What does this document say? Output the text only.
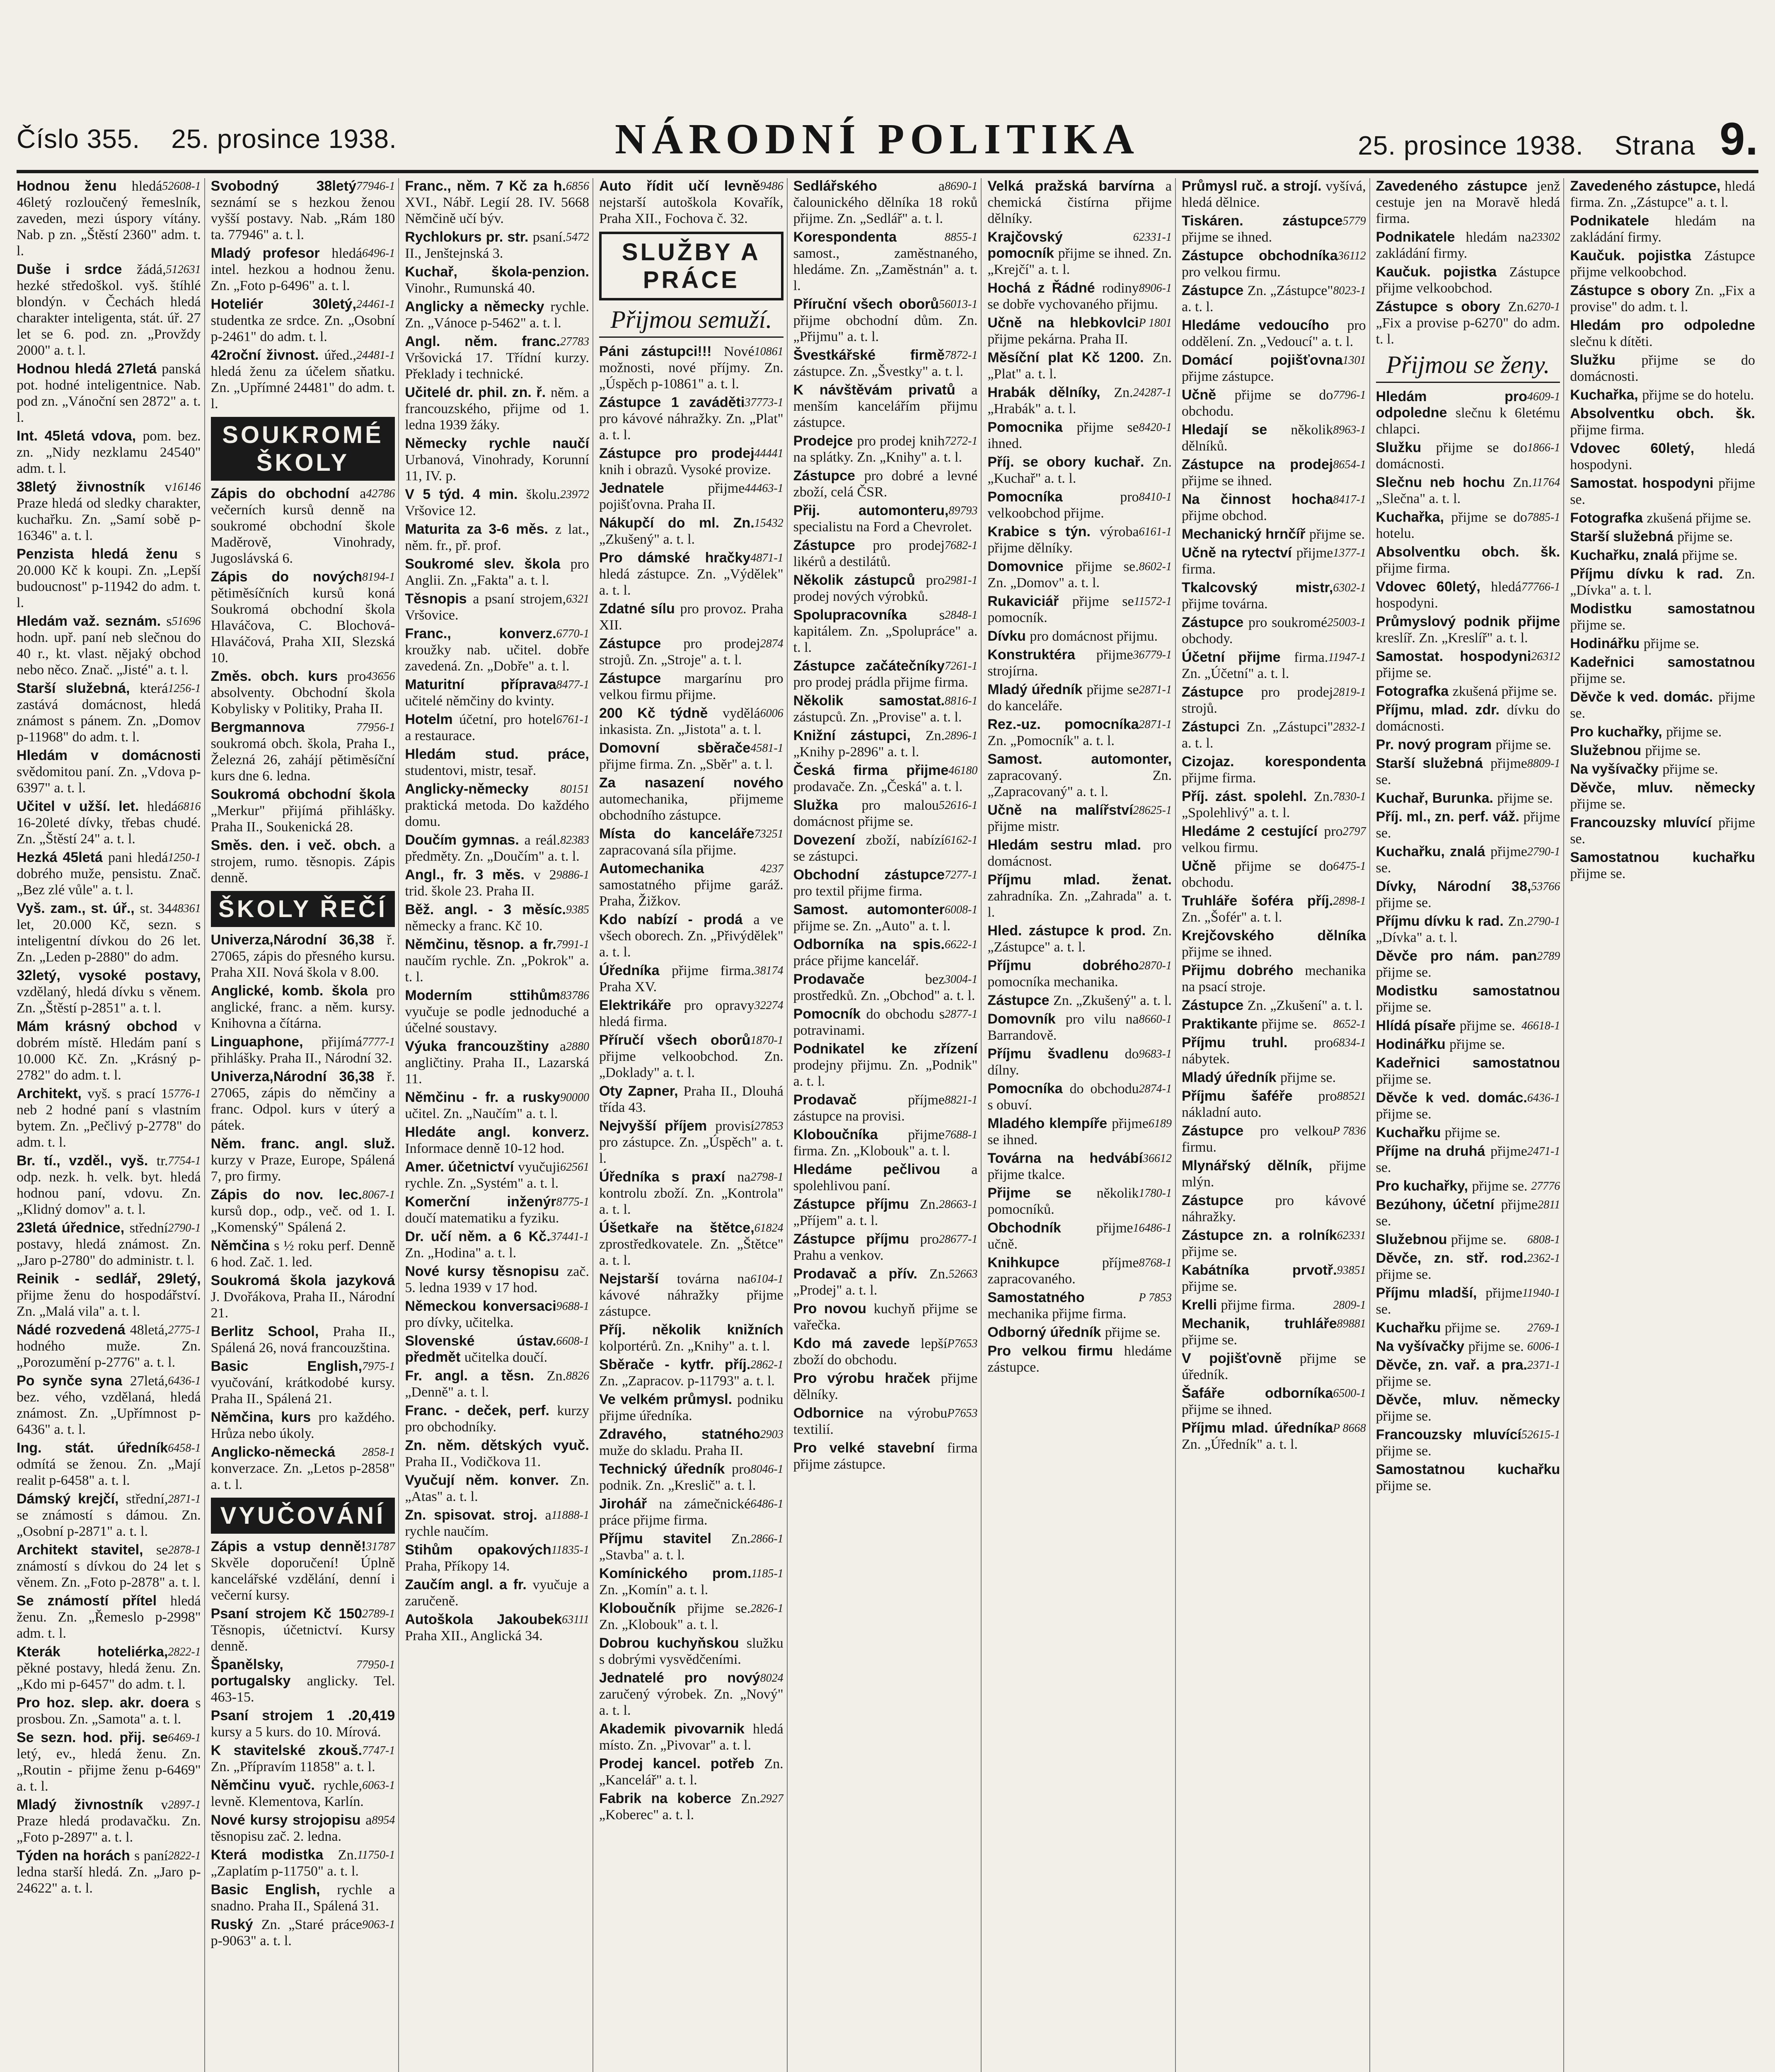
Číslo 355. 25. prosince 1938.	NÁRODNÍ POLITIKA	25. prosince 1938. Strana 9.

52608-1
Hodnou ženu hledá 46letý rozloučený řemeslník, zaveden, mezi úspory vítány. Nab. p zn. „Štěstí 2360" adm. t. l.

512631
Duše i srdce žádá, hezké středoškol. vyš. štíhlé blondýn. v Čechách hledá charakter inteligenta, stát. úř. 27 let se 6. pod. zn. „Provždy 2000" a. t. l.

Hodnou hledá 27letá panská pot. hodné inteligentnice. Nab. pod zn. „Vánoční sen 2872" a. t. l.

Int. 45letá vdova, pom. bez. zn. „Nidy nezklamu 24540" adm. t. l.

16146
38letý živnostník v Praze hledá od sledky charakter, kuchařku. Zn. „Samí sobě p-16346" a. t. l.

Penzista hledá ženu s 20.000 Kč k koupi. Zn. „Lepší budoucnost" p-11942 do adm. t. l.

51696
Hledám važ. seznám. s hodn. upř. paní neb slečnou do 40 r., kt. vlast. nějaký obchod nebo něco. Znač. „Jisté" a. t. l.

1256-1
Starší služebná, která zastává domácnost, hledá známost s pánem. Zn. „Domov p-11968" do adm. t. l.

Hledám v domácnosti svědomitou paní. Zn. „Vdova p-6397" a. t. l.

6816
Učitel v užší. let. hledá 16-20leté dívky, třebas chudé. Zn. „Štěstí 24" a. t. l.

1250-1
Hezká 45letá pani hledá dobrého muže, pensistu. Znač. „Bez zlé vůle" a. t. l.

48361
Vyš. zam., st. úř., st. 34 let, 20.000 Kč, sezn. s inteligentní dívkou do 26 let. Zn. „Leden p-2880" do adm.

32letý, vysoké postavy, vzdělaný, hledá dívku s věnem. Zn. „Štěstí p-2851" a. t. l.

Mám krásný obchod v dobrém místě. Hledám paní s 10.000 Kč. Zn. „Krásný p-2782" do adm. t. l.

5776-1
Architekt, vyš. s prací 1 neb 2 hodné paní s vlastním bytem. Zn. „Pečlivý p-2778" do adm. t. l.

7754-1
Br. tí., vzděl., vyš. tr. odp. nezk. h. velk. byt. hledá hodnou paní, vdovu. Zn. „Klidný domov" a. t. l.

2790-1
23letá úřednice, střední postavy, hledá známost. Zn. „Jaro p-2780" do administr. t. l.

Reinik - sedlář, 29letý, přijme ženu do hospodářství. Zn. „Malá vila" a. t. l.

2775-1
Nádé rozvedená 48letá, hodného muže. Zn. „Porozumění p-2776" a. t. l.

6436-1
Po synče syna 27letá, bez. vého, vzdělaná, hledá známost. Zn. „Upřímnost p-6436" a. t. l.

6458-1
Ing. stát. úředník odmítá se ženou. Zn. „Mají realit p-6458" a. t. l.

2871-1
Dámský krejčí, střední, se známostí s dámou. Zn. „Osobní p-2871" a. t. l.

2878-1
Architekt stavitel, se známostí s dívkou do 24 let s věnem. Zn. „Foto p-2878" a. t. l.

Se známostí přítel hledá ženu. Zn. „Řemeslo p-2998" adm. t. l.

2822-1
Kterák hoteliérka, pěkné postavy, hledá ženu. Zn. „Kdo mi p-6457" do adm. t. l.

Pro hoz. slep. akr. doera s prosbou. Zn. „Samota" a. t. l.

6469-1
Se sezn. hod. přij. se letý, ev., hledá ženu. Zn. „Routin - přijme ženu p-6469" a. t. l.

2897-1
Mladý živnostník v Praze hledá prodavačku. Zn. „Foto p-2897" a. t. l.

2822-1
Týden na horách s paní ledna starší hledá. Zn. „Jaro p-24622" a. t. l.

77946-1
Svobodný 38letý seznámí se s hezkou ženou vyšší postavy. Nab. „Rám 180 ta. 77946" a. t. l.

6496-1
Mladý profesor hledá intel. hezkou a hodnou ženu. Zn. „Foto p-6496" a. t. l.

24461-1
Hoteliér 30letý, studentka ze srdce. Zn. „Osobní p-2461" do adm. t. l.

24481-1
42roční živnost. úřed., hledá ženu za účelem sňatku. Zn. „Upřímné 24481" do adm. t. l.

SOUKROMÉ ŠKOLY

42786
Zápis do obchodní a večerních kursů denně na soukromé obchodní škole Maděrově, Vinohrady, Jugoslávská 6.

8194-1
Zápis do nových pětiměsíčních kursů koná Soukromá obchodní škola Hlaváčova, C. Blochová-Hlaváčová, Praha XII, Slezská 10.

43656
Změs. obch. kurs pro absolventy. Obchodní škola Kobylisky v Politiky, Praha II.

77956-1
Bergmannova soukromá obch. škola, Praha I., Železná 26, zahájí pětiměsíční kurs dne 6. ledna.

Soukromá obchodní škola „Merkur" přijímá přihlášky. Praha II., Soukenická 28.

Směs. den. i več. obch. a strojem, rumo. těsnopis. Zápis denně.

ŠKOLY ŘEČÍ

Univerza,Národní 36,38 ř. 27065, zápis do přesného kursu. Praha XII. Nová škola v 8.00.

Anglické, komb. škola pro anglické, franc. a něm. kursy. Knihovna a čítárna.

7777-1
Linguaphone, přijímá přihlášky. Praha II., Národní 32.

Univerza,Národní 36,38 ř. 27065, zápis do němčiny a franc. Odpol. kurs v úterý a pátek.

Něm. franc. angl. služ. kurzy v Praze, Europe, Spálená 7, pro firmy.

8067-1
Zápis do nov. lec. kursů dop., odp., več. od 1. I. „Komenský" Spálená 2.

Němčina s ½ roku perf. Denně 6 hod. Zač. 1. led.

Soukromá škola jazyková J. Dvořákova, Praha II., Národní 21.

Berlitz School, Praha II., Spálená 26, nová francouzština.

7975-1
Basic English, vyučování, krátkodobé kursy. Praha II., Spálená 21.

Němčina, kurs pro každého. Hrůza nebo úkoly.

2858-1
Anglicko-německá konverzace. Zn. „Letos p-2858" a. t. l.

VYUČOVÁNÍ

31787
Zápis a vstup denně! Skvěle doporučení! Úplně kancelářské vzdělání, denní i večerní kursy.

2789-1
Psaní strojem Kč 150 Těsnopis, účetnictví. Kursy denně.

77950-1
Španělsky, portugalsky anglicky. Tel. 463-15.

Psaní strojem 1 .20,419 kursy a 5 kurs. do 10. Mírová.

7747-1
K stavitelské zkouš. Zn. „Přípravím 11858" a. t. l.

6063-1
Němčinu vyuč. rychle, levně. Klementova, Karlín.

8954
Nové kursy strojopisu a těsnopisu zač. 2. ledna.

11750-1
Která modistka Zn. „Zaplatím p-11750" a. t. l.

Basic English, rychle a snadno. Praha II., Spálená 31.

9063-1
Ruský Zn. „Staré práce p-9063" a. t. l.

6856
Franc., něm. 7 Kč za h. XVI., Nábř. Legií 28. IV. 5668 Němčině učí býv.

5472
Rychlokurs pr. str. psaní. II., Jenštejnská 3.

Kuchař, škola-penzion. Vinohr., Rumunská 40.

Anglicky a německy rychle. Zn. „Vánoce p-5462" a. t. l.

27783
Angl. něm. franc. Vršovická 17. Třídní kurzy. Překlady i technické.

Učitelé dr. phil. zn. ř. něm. a francouzského, přijme od 1. ledna 1939 žáky.

Německy rychle naučí Urbanová, Vinohrady, Korunní 11, IV. p.

23972
V 5 týd. 4 min. školu. Vršovice 12.

Maturita za 3-6 měs. z lat., něm. fr., př. prof.

Soukromé slev. škola pro Anglii. Zn. „Fakta" a. t. l.

6321
Těsnopis a psaní strojem, Vršovice.

6770-1
Franc., konverz. kroužky nab. učitel. dobře zavedená. Zn. „Dobře" a. t. l.

8477-1
Maturitní příprava učitelé němčiny do kvinty.

6761-1
Hotelm účetní, pro hotel a restaurace.

Hledám stud. práce, studentovi, mistr, tesař.

80151
Anglicky-německy praktická metoda. Do každého domu.

82383
Doučím gymnas. a reál. předměty. Zn. „Doučím" a. t. l.

9886-1
Angl., fr. 3 měs. v 2 trid. škole 23. Praha II.

9385
Běž. angl. - 3 měsíc. německy a franc. Kč 10.

7991-1
Němčinu, těsnop. a fr. naučím rychle. Zn. „Pokrok" a. t. l.

83786
Moderním sttihům vyučuje se podle jednoduché a účelné soustavy.

2880
Výuka francouzštiny a angličtiny. Praha II., Lazarská 11.

90000
Němčinu - fr. a rusky učitel. Zn. „Naučím" a. t. l.

Hledáte angl. konverz. Informace denně 10-12 hod.

62561
Amer. účetnictví vyučuji rychle. Zn. „Systém" a. t. l.

8775-1
Komerční inženýr doučí matematiku a fyziku.

37441-1
Dr. učí něm. a 6 Kč. Zn. „Hodina" a. t. l.

Nové kursy těsnopisu zač. 5. ledna 1939 v 17 hod.

9688-1
Německou konversaci pro dívky, učitelka.

6608-1
Slovenské ústav. předmět učitelka doučí.

8826
Fr. angl. a těsn. Zn. „Denně" a. t. l.

Franc. - deček, perf. kurzy pro obchodníky.

Zn. něm. dětských vyuč. Praha II., Vodičkova 11.

Vyučují něm. konver. Zn. „Atas" a. t. l.

11888-1
Zn. spisovat. stroj. a rychle naučím.

11835-1
Stihům opakových Praha, Příkopy 14.

Zaučím angl. a fr. vyučuje a zaručeně.

63111
Autoškola Jakoubek Praha XII., Anglická 34.

9486
Auto řídit učí levně nejstarší autoškola Kovařík, Praha XII., Fochova č. 32.

SLUŽBY A PRÁCE
Přijmou semuží.

10861
Páni zástupci!!! Nové možnosti, nové příjmy. Zn. „Úspěch p-10861" a. t. l.

37773-1
Zástupce 1 zaváděti pro kávové náhražky. Zn. „Plat" a. t. l.

44441
Zástupce pro prodej knih i obrazů. Vysoké provize.

44463-1
Jednatele přijme pojišťovna. Praha II.

15432
Nákupčí do ml. Zn. „Zkušený" a. t. l.

4871-1
Pro dámské hračky hledá zástupce. Zn. „Výdělek" a. t. l.

Zdatné sílu pro provoz. Praha XII.

2874
Zástupce pro prodej strojů. Zn. „Stroje" a. t. l.

Zástupce margarínu pro velkou firmu přijme.

6006
200 Kč týdně vydělá inkasista. Zn. „Jistota" a. t. l.

4581-1
Domovní sběrače přijme firma. Zn. „Sběr" a. t. l.

Za nasazení nového automechanika, přijmeme obchodního zástupce.

73251
Místa do kanceláře zapracovaná síla přijme.

4237
Automechanika samostatného přijme garáž. Praha, Žižkov.

Kdo nabízí - prodá a ve všech oborech. Zn. „Přivýdělek" a. t. l.

38174
Úředníka přijme firma. Praha XV.

32274
Elektrikáře pro opravy hledá firma.

1870-1
Příručí všech oborů přijme velkoobchod. Zn. „Doklady" a. t. l.

Oty Zapner, Praha II., Dlouhá třída 43.

27853
Nejvyšší příjem provisí pro zástupce. Zn. „Úspěch" a. t. l.

2798-1
Úředníka s praxí na kontrolu zboží. Zn. „Kontrola" a. t. l.

61824
Úšetkaře na štětce, zprostředkovatele. Zn. „Štětce" a. t. l.

6104-1
Nejstarší továrna na kávové náhražky přijme zástupce.

Příj. několik knižních kolportérů. Zn. „Knihy" a. t. l.

2862-1
Sběrače - kytfr. příj. Zn. „Zapracov. p-11793" a. t. l.

Ve velkém průmysl. podniku přijme úředníka.

2903
Zdravého, statného muže do skladu. Praha II.

8046-1
Technický úředník pro podnik. Zn. „Kreslič" a. t. l.

6486-1
Jirohář na zámečnické práce přijme firma.

2866-1
Příjmu stavitel Zn. „Stavba" a. t. l.

1185-1
Komínického prom. Zn. „Komín" a. t. l.

2826-1
Kloboučník přijme se. Zn. „Klobouk" a. t. l.

Dobrou kuchyňskou služku s dobrými vysvědčeními.

8024
Jednatelé pro nový zaručený výrobek. Zn. „Nový" a. t. l.

Akademik pivovarnik hledá místo. Zn. „Pivovar" a. t. l.

Prodej kancel. potřeb Zn. „Kancelář" a. t. l.

2927
Fabrik na koberce Zn. „Koberec" a. t. l.

8690-1
Sedlářského a čalounického dělníka 18 roků přijme. Zn. „Sedlář" a. t. l.

8855-1
Korespondenta samost., zaměstnaného, hledáme. Zn. „Zaměstnán" a. t. l.

56013-1
Příruční všech oborů přijme obchodní dům. Zn. „Přijmu" a. t. l.

7872-1
Švestkářské firmě zástupce. Zn. „Švestky" a. t. l.

K návštěvám privatů a menším kancelářím přijmu zástupce.

7272-1
Prodejce pro prodej knih na splátky. Zn. „Knihy" a. t. l.

Zástupce pro dobré a levné zboží, celá ČSR.

89793
Přij. automonteru, specialistu na Ford a Chevrolet.

7682-1
Zástupce pro prodej likérů a destilátů.

2981-1
Několik zástupců pro prodej nových výrobků.

2848-1
Spolupracovníka s kapitálem. Zn. „Spolupráce" a. t. l.

7261-1
Zástupce začátečníky pro prodej prádla přijme firma.

8816-1
Několik samostat. zástupců. Zn. „Provise" a. t. l.

2896-1
Knižní zástupci, Zn. „Knihy p-2896" a. t. l.

46180
Česká firma přijme prodavače. Zn. „Česká" a. t. l.

52616-1
Služka pro malou domácnost přijme se.

6162-1
Dovezení zboží, nabízí se zástupci.

7277-1
Obchodní zástupce pro textil přijme firma.

6008-1
Samost. automonter přijme se. Zn. „Auto" a. t. l.

6622-1
Odborníka na spis. práce přijme kancelář.

3004-1
Prodavače bez prostředků. Zn. „Obchod" a. t. l.

2877-1
Pomocník do obchodu s potravinami.

Podnikatel ke zřízení prodejny přijmu. Zn. „Podnik" a. t. l.

8821-1
Prodavač příjme zástupce na provisi.

7688-1
Kloboučníka přijme firma. Zn. „Klobouk" a. t. l.

Hledáme pečlivou a spolehlivou paní.

28663-1
Zástupce příjmu Zn. „Příjem" a. t. l.

28677-1
Zástupce příjmu pro Prahu a venkov.

52663
Prodavač a přív. Zn. „Prodej" a. t. l.

Pro novou kuchyň přijme se vařečka.

P7653
Kdo má zavede lepší zboží do obchodu.

Pro výrobu hraček přijme dělníky.

P7653
Odbornice na výrobu textilií.

Pro velké stavební firma přijme zástupce.

Velká pražská barvírna a chemická čistírna přijme dělníky.

62331-1
Krajčovský pomocník přijme se ihned. Zn. „Krejčí" a. t. l.

8906-1
Hochá z Řádné rodiny se dobře vychovaného přijmu.

P 1801
Učně na hlebkovlci přijme pekárna. Praha II.

Měsíční plat Kč 1200. Zn. „Plat" a. t. l.

24287-1
Hrabák dělníky, Zn. „Hrabák" a. t. l.

8420-1
Pomocnika přijme se ihned.

Příj. se obory kuchař. Zn. „Kuchař" a. t. l.

8410-1
Pomocníka pro velkoobchod přijme.

6161-1
Krabice s týn. výroba přijme dělníky.

8602-1
Domovnice přijme se. Zn. „Domov" a. t. l.

11572-1
Rukaviciář přijme se pomocník.

Dívku pro domácnost přijmu.

36779-1
Konstruktéra přijme strojírna.

2871-1
Mladý úředník přijme se do kanceláře.

2871-1
Rez.-uz. pomocníka Zn. „Pomocník" a. t. l.

Samost. automonter, zapracovaný. Zn. „Zapracovaný" a. t. l.

28625-1
Učně na malířství přijme mistr.

Hledám sestru mlad. pro domácnost.

Příjmu mlad. ženat. zahradníka. Zn. „Zahrada" a. t. l.

Hled. zástupce k prod. Zn. „Zástupce" a. t. l.

2870-1
Příjmu dobrého pomocníka mechanika.

Zástupce Zn. „Zkušený" a. t. l.

8660-1
Domovník pro vilu na Barrandově.

9683-1
Příjmu švadlenu do dílny.

2874-1
Pomocníka do obchodu s obuví.

6189
Mladého klempíře přijme se ihned.

36612
Továrna na hedvábí přijme tkalce.

1780-1
Přijme se několik pomocníků.

16486-1
Obchodník přijme učně.

8768-1
Knihkupce příjme zapracovaného.

P 7853
Samostatného mechanika přijme firma.

Odborný úředník přijme se.

Pro velkou firmu hledáme zástupce.

Průmysl ruč. a strojí. vyšívá, hledá dělnice.

5779
Tiskáren. zástupce přijme se ihned.

36112
Zástupce obchodníka pro velkou firmu.

8023-1
Zástupce Zn. „Zástupce" a. t. l.

Hledáme vedoucího pro oddělení. Zn. „Vedoucí" a. t. l.

1301
Domácí pojišťovna přijme zástupce.

7796-1
Učně přijme se do obchodu.

8963-1
Hledají se několik dělníků.

8654-1
Zástupce na prodej přijme se ihned.

8417-1
Na činnost hocha přijme obchod.

Mechanický hrnčíř přijme se.

1377-1
Učně na rytectví přijme firma.

6302-1
Tkalcovský mistr, přijme továrna.

25003-1
Zástupce pro soukromé obchody.

11947-1
Účetní přijme firma. Zn. „Účetní" a. t. l.

2819-1
Zástupce pro prodej strojů.

2832-1
Zástupci Zn. „Zástupci" a. t. l.

Cizojaz. korespondenta přijme firma.

7830-1
Příj. zást. spolehl. Zn. „Spolehlivý" a. t. l.

2797
Hledáme 2 cestující pro velkou firmu.

6475-1
Učně přijme se do obchodu.

2898-1
Truhláře šoféra příj. Zn. „Šofér" a. t. l.

Krejčovského dělníka přijme se ihned.

Přijmu dobrého mechanika na psací stroje.

Zástupce Zn. „Zkušení" a. t. l.

8652-1
Praktikante přijme se.

6834-1
Příjmu truhl. pro nábytek.

Mladý úředník přijme se.

88521
Příjmu šaféře pro nákladní auto.

P 7836
Zástupce pro velkou firmu.

Mlynářský dělník, přijme mlýn.

Zástupce pro kávové náhražky.

62331
Zástupce zn. a rolník přijme se.

93851
Kabátníka prvotř. přijme se.

2809-1
Krelli přijme firma.

89881
Mechanik, truhláře přijme se.

V pojišťovně přijme se úředník.

6500-1
Šafáře odborníka přijme se ihned.

P 8668
Příjmu mlad. úředníka Zn. „Úředník" a. t. l.

Zavedeného zástupce jenž cestuje jen na Moravě hledá firma.

23302
Podnikatele hledám na zakládání firmy.

Kaučuk. pojistka Zástupce přijme velkoobchod.

6270-1
Zástupce s obory Zn. „Fix a provise p-6270" do adm. t. l.

Přijmou se ženy.

4609-1
Hledám pro odpoledne slečnu k 6letému chlapci.

1866-1
Služku přijme se do domácnosti.

11764
Slečnu neb hochu Zn. „Slečna" a. t. l.

7885-1
Kuchařka, přijme se do hotelu.

Absolventku obch. šk. přijme firma.

77766-1
Vdovec 60letý, hledá hospodyni.

Průmyslový podnik přijme kreslíř. Zn. „Kreslíř" a. t. l.

26312
Samostat. hospodyni přijme se.

Fotografka zkušená přijme se.

Příjmu, mlad. zdr. dívku do domácnosti.

Pr. nový program přijme se.

8809-1
Starší služebná přijme se.

Kuchař, Burunka. přijme se.

Příj. ml., zn. perf. váž. přijme se.

2790-1
Kuchařku, znalá přijme se.

53766
Dívky, Národní 38, přijme se.

2790-1
Příjmu dívku k rad. Zn. „Dívka" a. t. l.

2789
Děvče pro nám. pan přijme se.

Modistku samostatnou přijme se.

46618-1
Hlídá písaře přijme se.

Hodinářku přijme se.

Kadeřnici samostatnou přijme se.

6436-1
Děvče k ved. domác. přijme se.

Kuchařku přijme se.

2471-1
Příjme na druhá přijme se.

27776
Pro kuchařky, přijme se.

2811
Bezúhony, účetní přijme se.

6808-1
Služebnou přijme se.

2362-1
Děvče, zn. stř. rod. přijme se.

11940-1
Příjmu mladší, přijme se.

2769-1
Kuchařku přijme se.

6006-1
Na vyšívačky přijme se.

2371-1
Děvče, zn. vař. a pra. přijme se.

Děvče, mluv. německy přijme se.

52615-1
Francouzsky mluvící přijme se.

Samostatnou kuchařku přijme se.

Zavedeného zástupce, hledá firma. Zn. „Zástupce" a. t. l.

Podnikatele hledám na zakládání firmy.

Kaučuk. pojistka Zástupce přijme velkoobchod.

Zástupce s obory Zn. „Fix a provise" do adm. t. l.

Hledám pro odpoledne slečnu k dítěti.

Služku přijme se do domácnosti.

Kuchařka, přijme se do hotelu.

Absolventku obch. šk. přijme firma.

Vdovec 60letý, hledá hospodyni.

Samostat. hospodyni přijme se.

Fotografka zkušená přijme se.

Starší služebná přijme se.

Kuchařku, znalá přijme se.

Příjmu dívku k rad. Zn. „Dívka" a. t. l.

Modistku samostatnou přijme se.

Hodinářku přijme se.

Kadeřnici samostatnou přijme se.

Děvče k ved. domác. přijme se.

Pro kuchařky, přijme se.

Služebnou přijme se.

Na vyšívačky přijme se.

Děvče, mluv. německy přijme se.

Francouzsky mluvící přijme se.

Samostatnou kuchařku přijme se.
